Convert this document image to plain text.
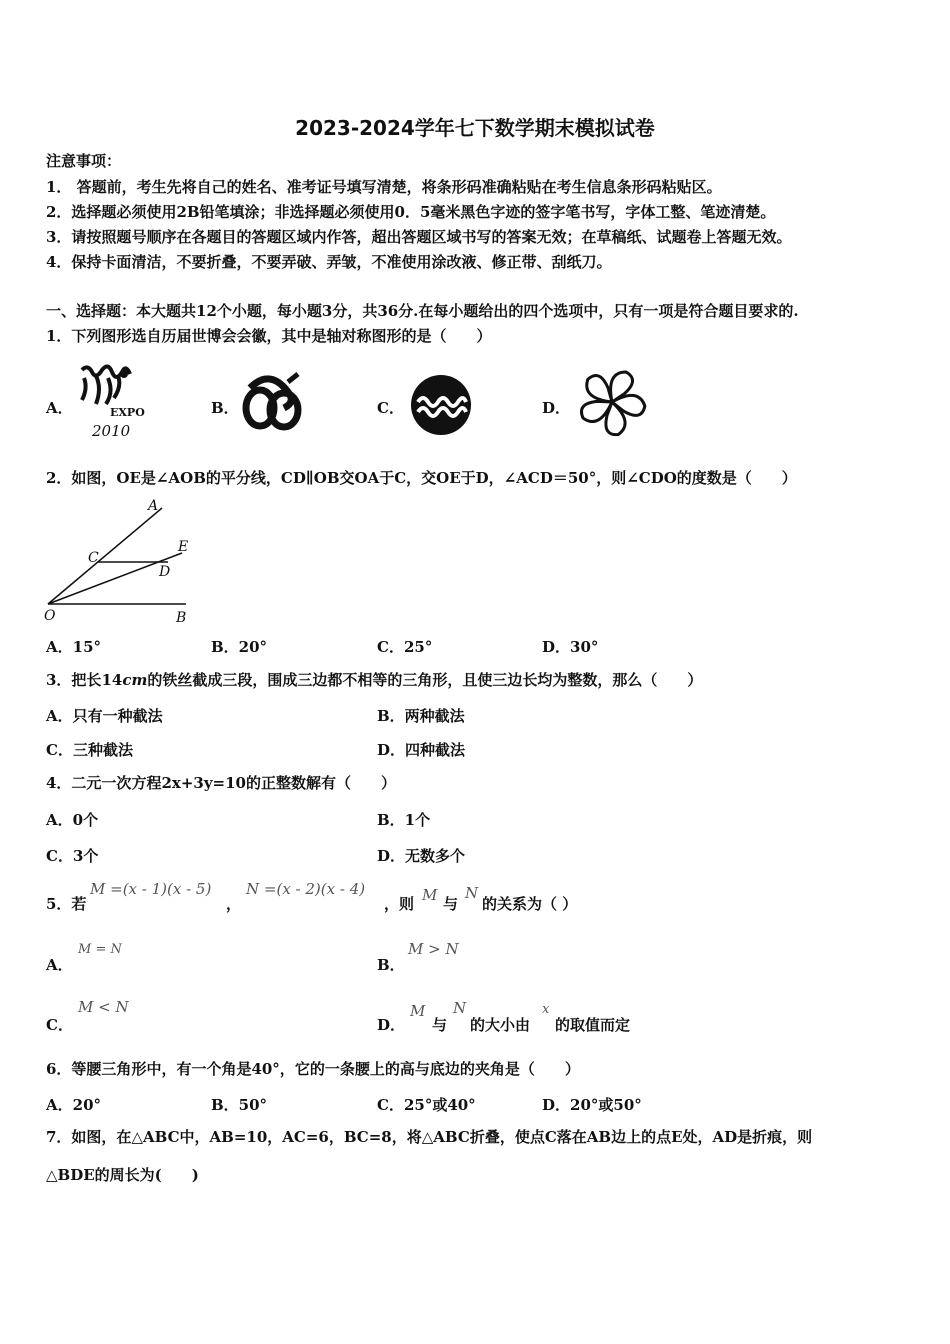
2023-2024学年七下数学期末模拟试卷
注意事项：
1． 答题前，考生先将自己的姓名、准考证号填写清楚，将条形码准确粘贴在考生信息条形码粘贴区。
2．选择题必须使用2B铅笔填涂；非选择题必须使用0．5毫米黑色字迹的签字笔书写，字体工整、笔迹清楚。
3．请按照题号顺序在各题目的答题区域内作答，超出答题区域书写的答案无效；在草稿纸、试题卷上答题无效。
4．保持卡面清洁，不要折叠，不要弄破、弄皱，不准使用涂改液、修正带、刮纸刀。
一、选择题：本大题共12个小题，每小题3分，共36分.在每小题给出的四个选项中，只有一项是符合题目要求的.
1．下列图形选自历届世博会会徽，其中是轴对称图形的是（　　）
A．	B．	C．	D．
EXPO
2010
2．如图，OE是∠AOB的平分线，CD∥OB交OA于C，交OE于D，∠ACD＝50°，则∠CDO的度数是（　　）
A
C
E
D
O	B
A．15°	B．20°	C．25°	D．30°
3．把长14cm的铁丝截成三段，围成三边都不相等的三角形，且使三边长均为整数，那么（　　）
A．只有一种截法	B．两种截法
C．三种截法	D．四种截法
4．二元一次方程2x+3y=10的正整数解有（　　）
A．0个	B．1个
C．3个	D．无数多个
5．若
M =(x - 1)(x - 5)
，
N =(x - 2)(x - 4)
，则 M 与
N
的关系为（ ）
A．
M = N
B．
M > N
C．
M < N
D．
M
与
N
的大小由
x
的取值而定
6．等腰三角形中，有一个角是40°，它的一条腰上的高与底边的夹角是（　　）
A．20°	B．50°	C．25°或40°	D．20°或50°
7．如图，在△ABC中，AB=10，AC=6，BC=8，将△ABC折叠，使点C落在AB边上的点E处，AD是折痕，则
△BDE的周长为(　　)
